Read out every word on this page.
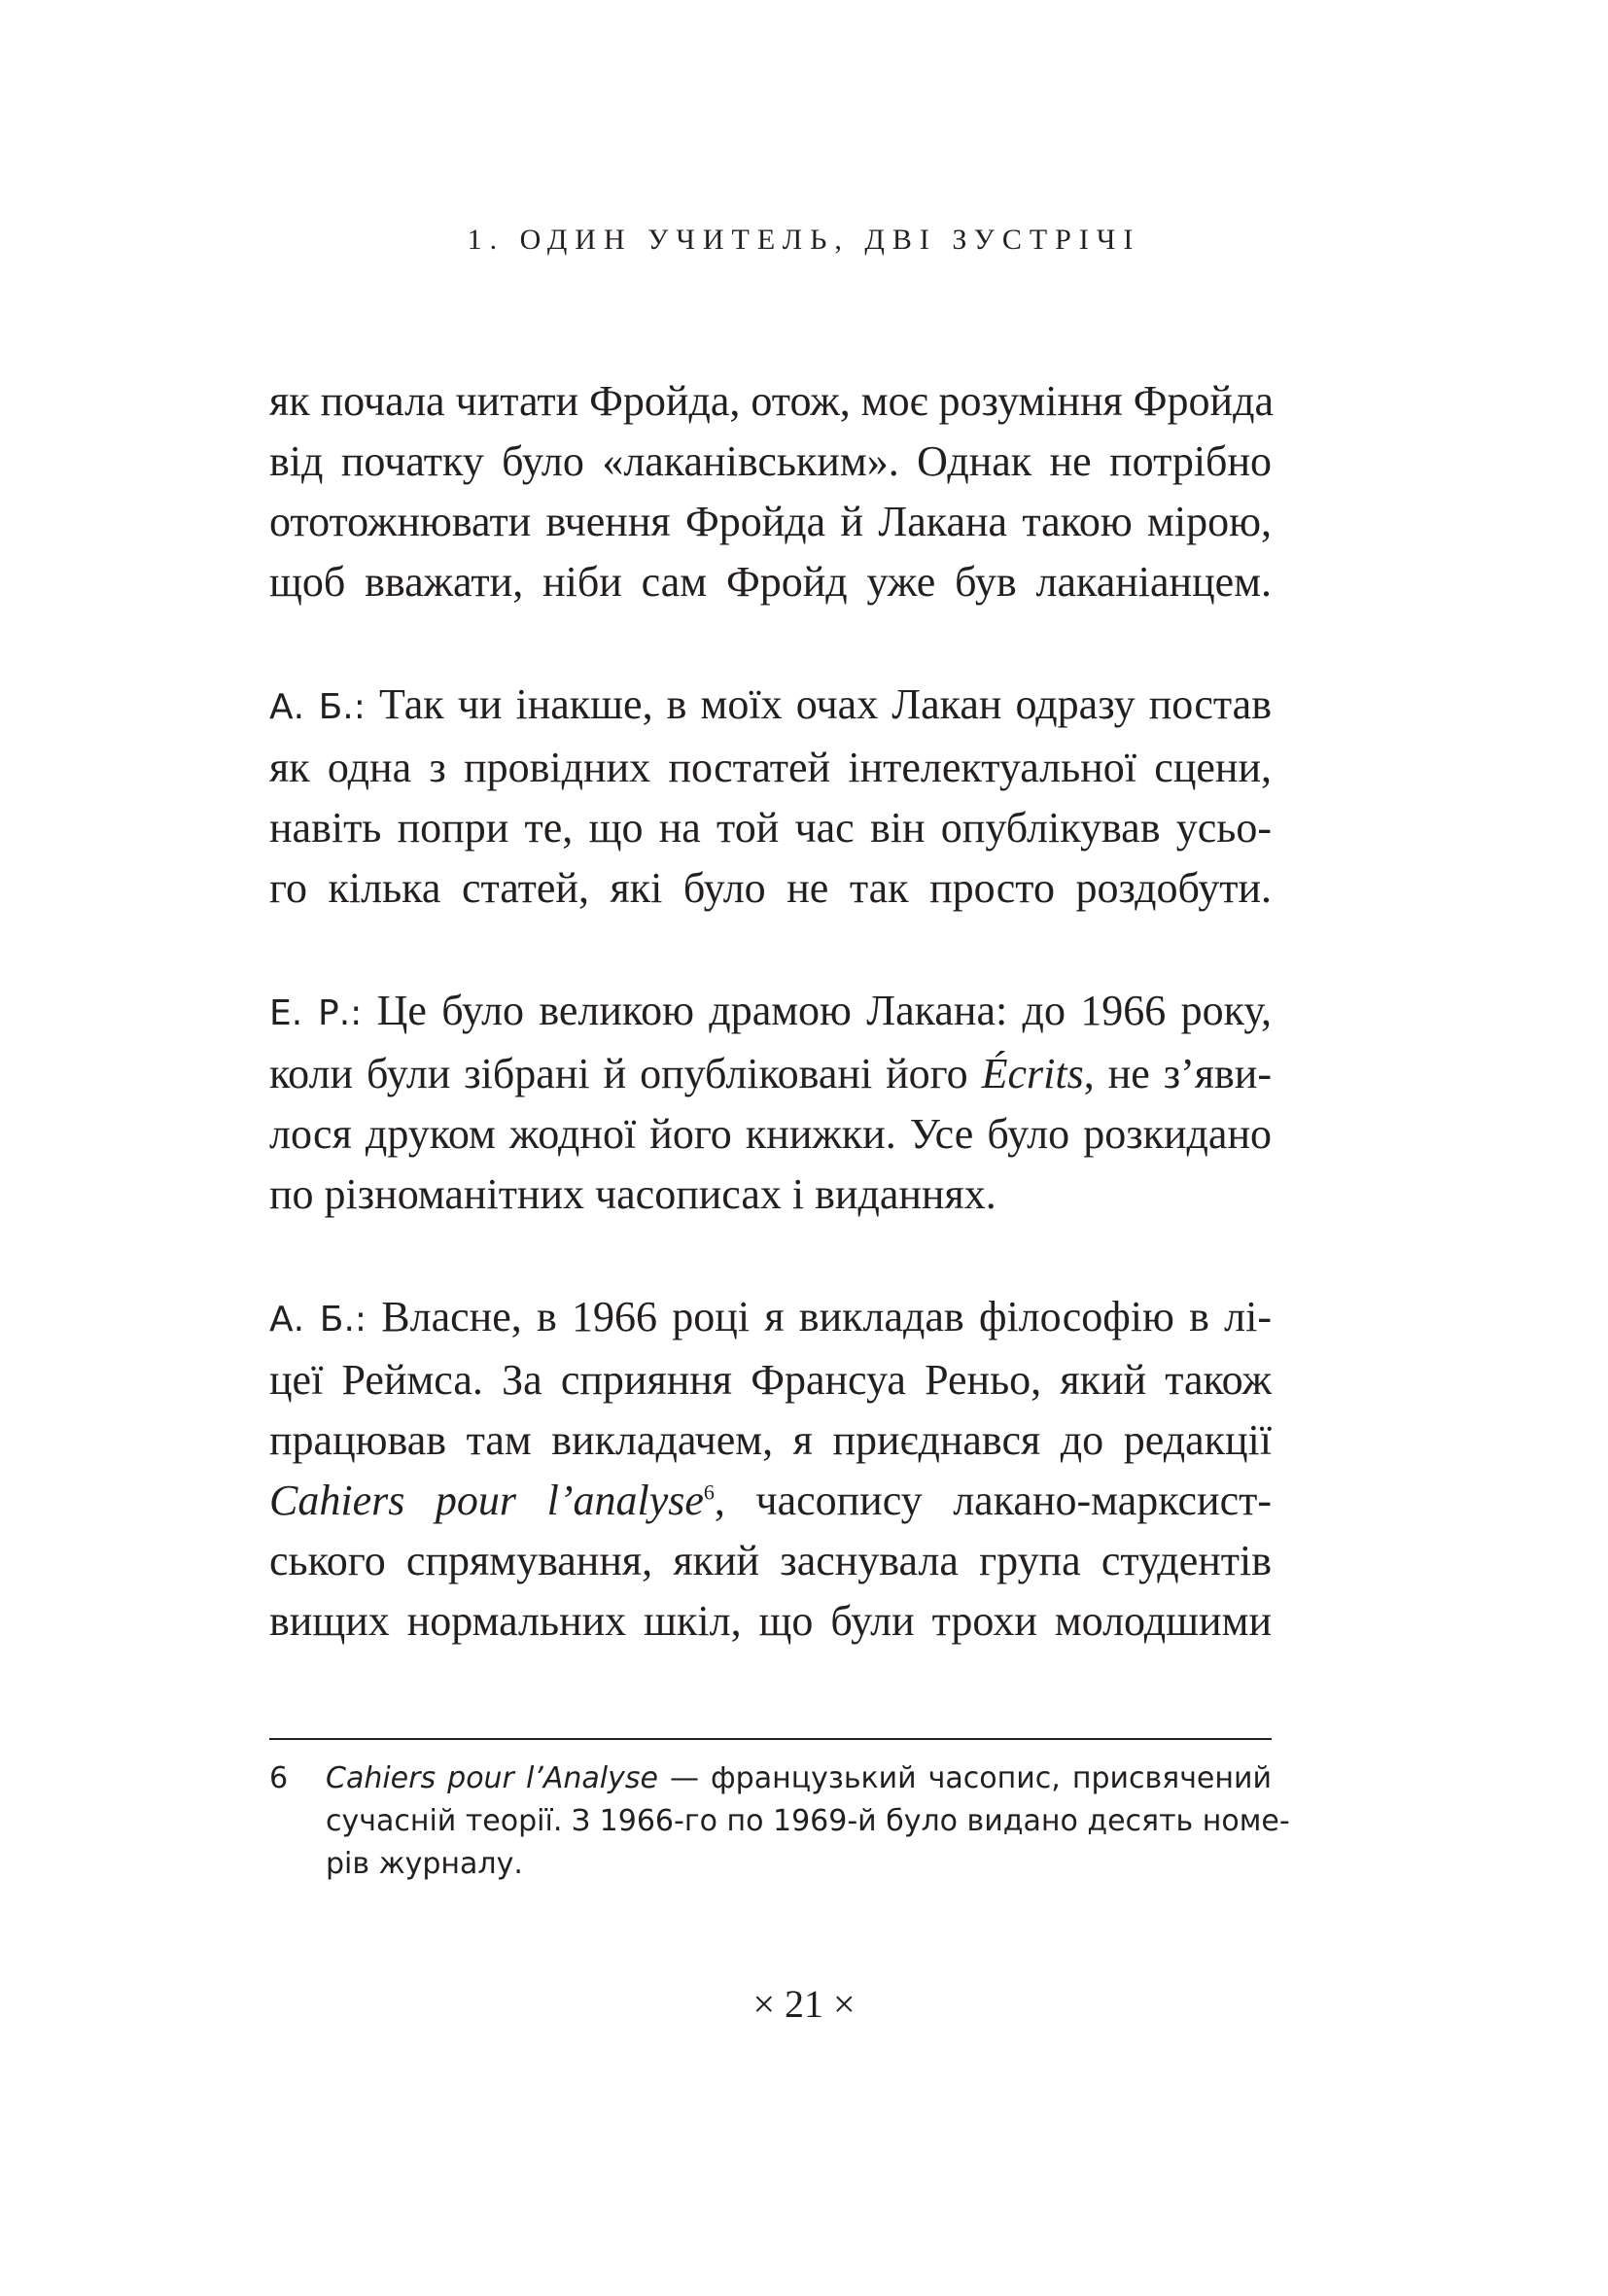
1. ОДИН УЧИТЕЛЬ, ДВІ ЗУСТРІЧІ

як почала читати Фройда, отож, моє розуміння Фройда
від початку було «лаканівським». Однак не потрібно
ототожнювати вчення Фройда й Лакана такою мірою,
щоб вважати, ніби сам Фройд уже був лаканіанцем.

А. Б.: Так чи інакше, в моїх очах Лакан одразу постав
як одна з провідних постатей інтелектуальної сцени,
навіть попри те, що на той час він опублікував усьо-
го кілька статей, які було не так просто роздобути.

Е. Р.: Це було великою драмою Лакана: до 1966 року,
коли були зібрані й опубліковані його Écrits, не з’яви-
лося друком жодної його книжки. Усе було розкидано
по різноманітних часописах і виданнях.

А. Б.: Власне, в 1966 році я викладав філософію в лі-
цеї Реймса. За сприяння Франсуа Реньо, який також
працював там викладачем, я приєднався до редакції
Cahiers pour l’analyse$^6$, часопису лакано-марксист-
ського спрямування, який заснувала група студентів
вищих нормальних шкіл, що були трохи молодшими

6 Cahiers pour l’Analyse — французький часопис, присвячений
сучасній теорії. З 1966-го по 1969-й було видано десять номе-
рів журналу.
× 21 ×
